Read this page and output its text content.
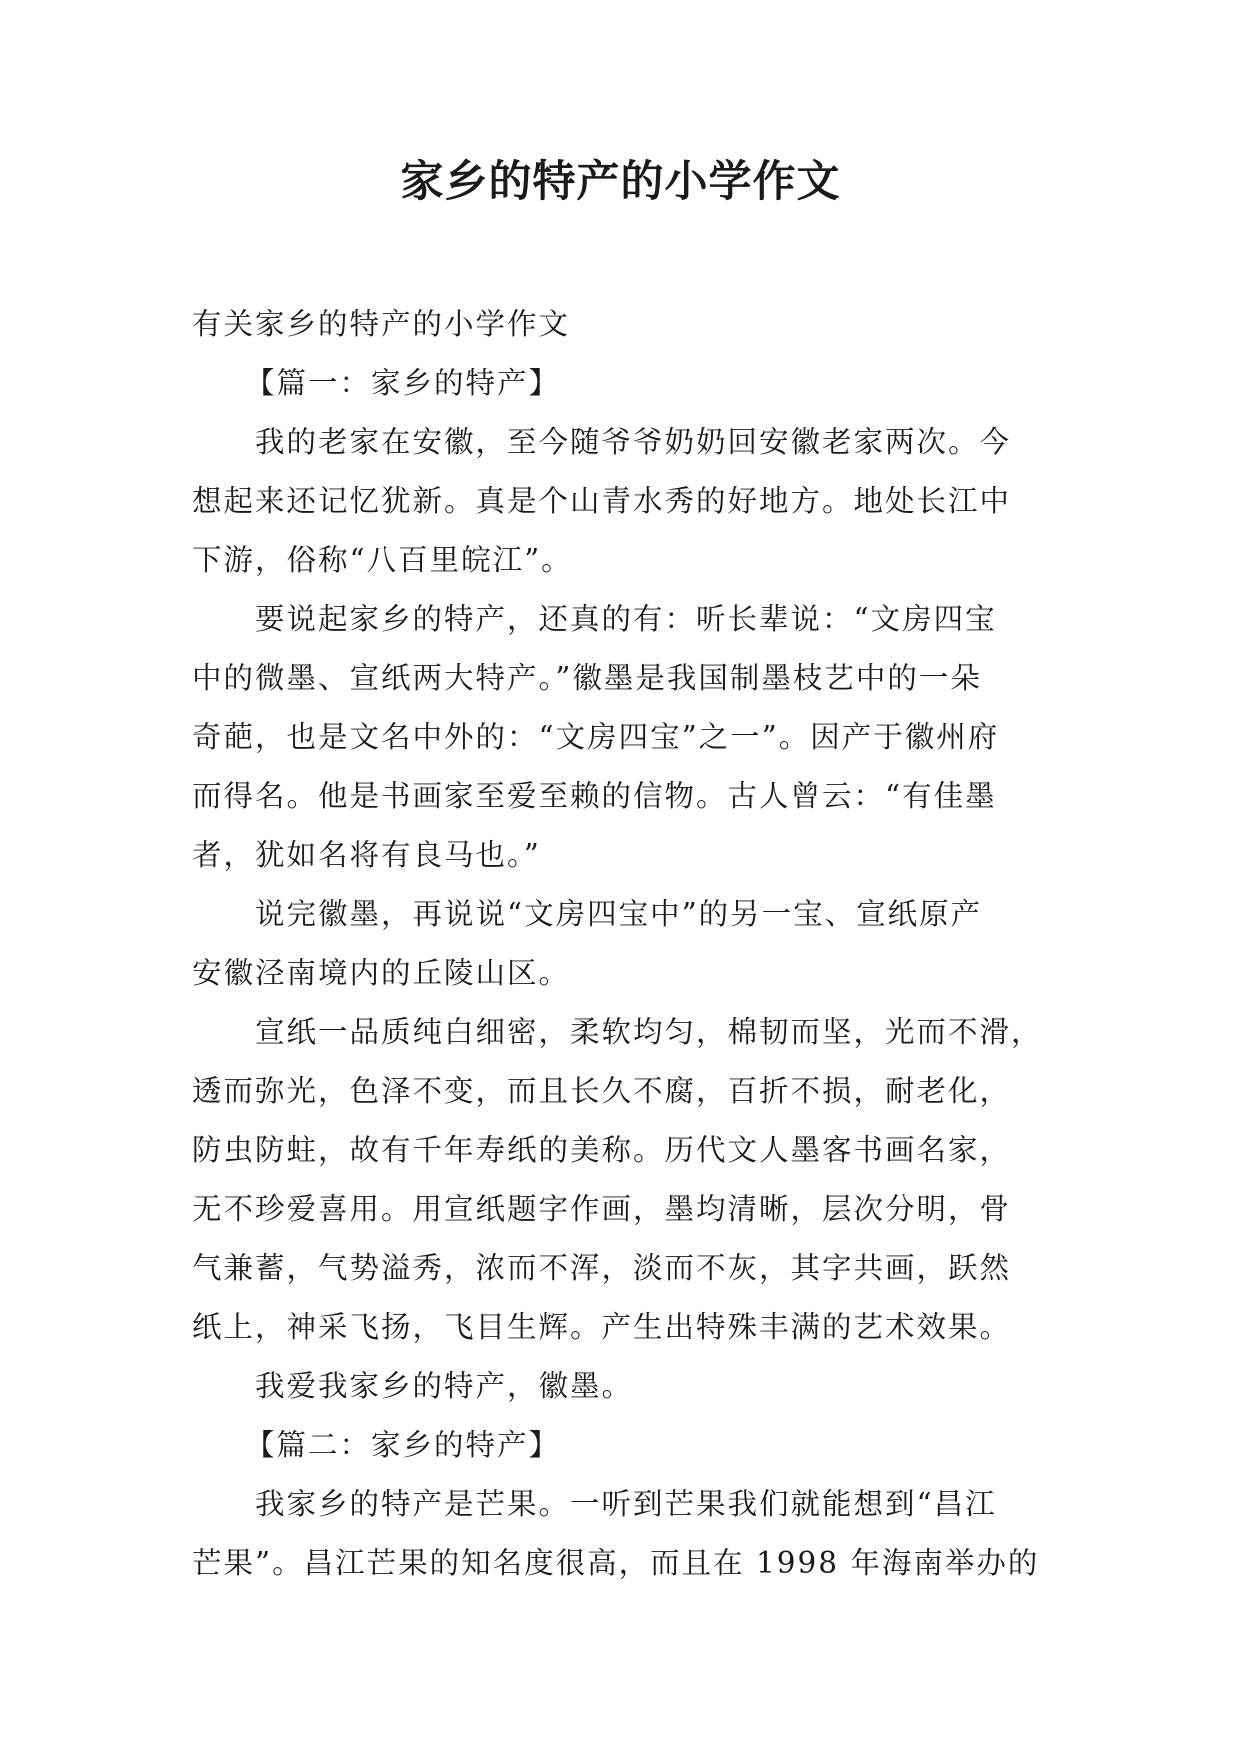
家乡的特产的小学作文

有关家乡的特产的小学作文

【篇一：家乡的特产】

我的老家在安徽，至今随爷爷奶奶回安徽老家两次。今

想起来还记忆犹新。真是个山青水秀的好地方。地处长江中

下游，俗称“八百里皖江”。

要说起家乡的特产，还真的有：听长辈说：“文房四宝

中的微墨、宣纸两大特产。”徽墨是我国制墨枝艺中的一朵

奇葩，也是文名中外的：“文房四宝”之一”。因产于徽州府

而得名。他是书画家至爱至赖的信物。古人曾云：“有佳墨

者，犹如名将有良马也。”

说完徽墨，再说说“文房四宝中”的另一宝、宣纸原产

安徽泾南境内的丘陵山区。

宣纸一品质纯白细密，柔软均匀，棉韧而坚，光而不滑，

透而弥光，色泽不变，而且长久不腐，百折不损，耐老化，

防虫防蛀，故有千年寿纸的美称。历代文人墨客书画名家，

无不珍爱喜用。用宣纸题字作画，墨均清晰，层次分明，骨

气兼蓄，气势溢秀，浓而不浑，淡而不灰，其字共画，跃然

纸上，神采飞扬，飞目生辉。产生出特殊丰满的艺术效果。

我爱我家乡的特产，徽墨。

【篇二：家乡的特产】

我家乡的特产是芒果。一听到芒果我们就能想到“昌江

芒果”。昌江芒果的知名度很高，而且在 1998 年海南举办的
